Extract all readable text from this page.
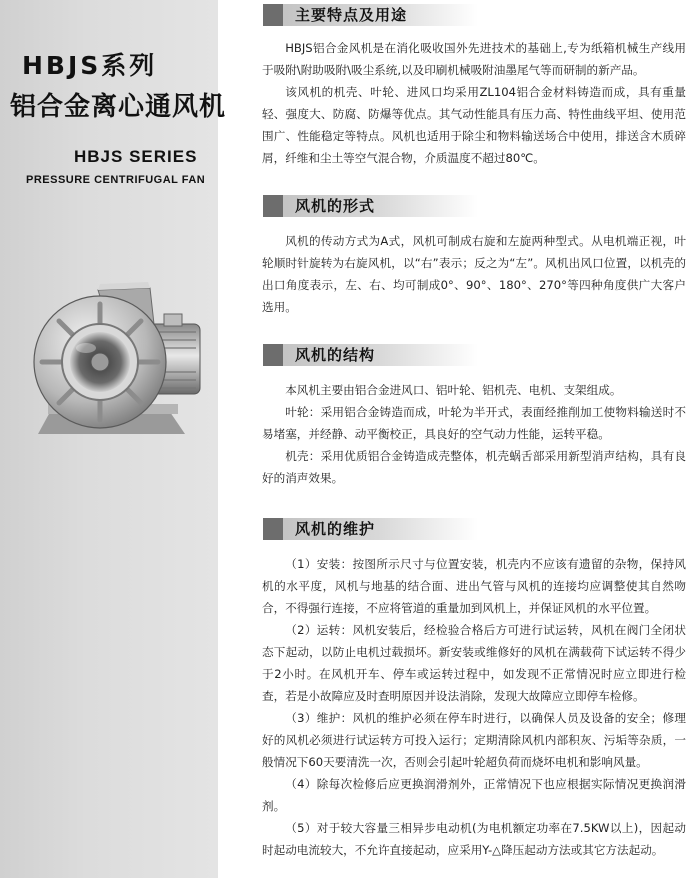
HBJS系列
铝合金离心通风机
HBJS SERIES
PRESSURE CENTRIFUGAL FAN
主要特点及用途

HBJS铝合金风机是在消化吸收国外先进技术的基础上,专为纸箱机械生产线用于吸附\附助吸附\吸尘系统,以及印刷机械吸附油墨尾气等而研制的新产品。

该风机的机壳、叶轮、进风口均采用ZL104铝合金材料铸造而成，具有重量轻、强度大、防腐、防爆等优点。其气动性能具有压力高、特性曲线平坦、使用范围广、性能稳定等特点。风机也适用于除尘和物料输送场合中使用，排送含木质碎屑，纤维和尘土等空气混合物，介质温度不超过80℃。

风机的形式

风机的传动方式为A式，风机可制成右旋和左旋两种型式。从电机端正视，叶轮顺时针旋转为右旋风机，以“右”表示；反之为“左”。风机出风口位置，以机壳的出口角度表示，左、右、均可制成0°、90°、180°、270°等四种角度供广大客户选用。

风机的结构

本风机主要由铝合金进风口、铝叶轮、铝机壳、电机、支架组成。

叶轮：采用铝合金铸造而成，叶轮为半开式，表面经推削加工使物料输送时不易堵塞，并经静、动平衡校正，具良好的空气动力性能，运转平稳。

机壳：采用优质铝合金铸造成壳整体，机壳蜗舌部采用新型消声结构，具有良好的消声效果。

风机的维护

（1）安装：按图所示尺寸与位置安装，机壳内不应该有遗留的杂物，保持风机的水平度，风机与地基的结合面、进出气管与风机的连接均应调整使其自然吻合，不得强行连接，不应将管道的重量加到风机上，并保证风机的水平位置。

（2）运转：风机安装后，经检验合格后方可进行试运转，风机在阀门全闭状态下起动，以防止电机过载损坏。新安装或维修好的风机在满载荷下试运转不得少于2小时。在风机开车、停车或运转过程中，如发现不正常情况时应立即进行检查，若是小故障应及时查明原因并设法消除，发现大故障应立即停车检修。

（3）维护：风机的维护必须在停车时进行，以确保人员及设备的安全；修理好的风机必须进行试运转方可投入运行；定期清除风机内部积灰、污垢等杂质，一般情况下60天要清洗一次，否则会引起叶轮超负荷而烧坏电机和影响风量。

（4）除每次检修后应更换润滑剂外，正常情况下也应根据实际情况更换润滑剂。

（5）对于较大容量三相异步电动机(为电机额定功率在7.5KW以上)，因起动时起动电流较大，不允许直接起动，应采用Y-△降压起动方法或其它方法起动。
